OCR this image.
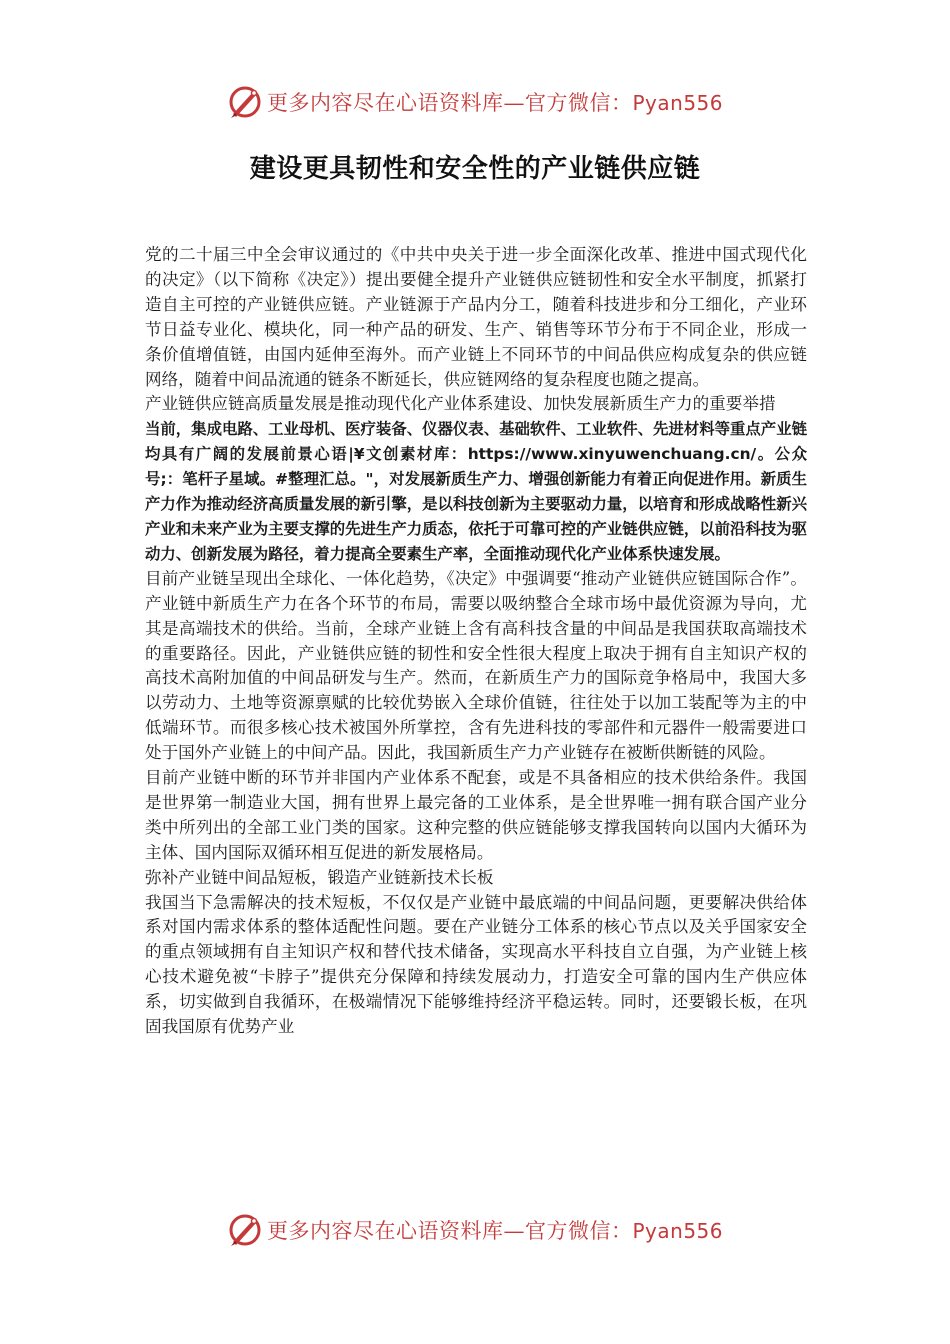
更多内容尽在心语资料库—官方微信：Pyan556
建设更具韧性和安全性的产业链供应链

党的二十届三中全会审议通过的《中共中央关于进一步全面深化改革、推进中国式现代化的决定》（以下简称《决定》）提出要健全提升产业链供应链韧性和安全水平制度，抓紧打造自主可控的产业链供应链。产业链源于产品内分工，随着科技进步和分工细化，产业环节日益专业化、模块化，同一种产品的研发、生产、销售等环节分布于不同企业，形成一条价值增值链，由国内延伸至海外。而产业链上不同环节的中间品供应构成复杂的供应链网络，随着中间品流通的链条不断延长，供应链网络的复杂程度也随之提高。

产业链供应链高质量发展是推动现代化产业体系建设、加快发展新质生产力的重要举措

当前，集成电路、工业母机、医疗装备、仪器仪表、基础软件、工业软件、先进材料等重点产业链均具有广阔的发展前景心语|¥文创素材库：https://www.xinyuwenchuang.cn/。公众号;：笔杆子星域。#整理汇总。"，对发展新质生产力、增强创新能力有着正向促进作用。新质生产力作为推动经济高质量发展的新引擎，是以科技创新为主要驱动力量，以培育和形成战略性新兴产业和未来产业为主要支撑的先进生产力质态，依托于可靠可控的产业链供应链，以前沿科技为驱动力、创新发展为路径，着力提高全要素生产率，全面推动现代化产业体系快速发展。

目前产业链呈现出全球化、一体化趋势，《决定》中强调要“推动产业链供应链国际合作”。产业链中新质生产力在各个环节的布局，需要以吸纳整合全球市场中最优资源为导向，尤其是高端技术的供给。当前，全球产业链上含有高科技含量的中间品是我国获取高端技术的重要路径。因此，产业链供应链的韧性和安全性很大程度上取决于拥有自主知识产权的高技术高附加值的中间品研发与生产。然而，在新质生产力的国际竞争格局中，我国大多以劳动力、土地等资源禀赋的比较优势嵌入全球价值链，往往处于以加工装配等为主的中低端环节。而很多核心技术被国外所掌控，含有先进科技的零部件和元器件一般需要进口处于国外产业链上的中间产品。因此，我国新质生产力产业链存在被断供断链的风险。

目前产业链中断的环节并非国内产业体系不配套，或是不具备相应的技术供给条件。我国是世界第一制造业大国，拥有世界上最完备的工业体系，是全世界唯一拥有联合国产业分类中所列出的全部工业门类的国家。这种完整的供应链能够支撑我国转向以国内大循环为主体、国内国际双循环相互促进的新发展格局。

弥补产业链中间品短板，锻造产业链新技术长板

我国当下急需解决的技术短板，不仅仅是产业链中最底端的中间品问题，更要解决供给体系对国内需求体系的整体适配性问题。要在产业链分工体系的核心节点以及关乎国家安全的重点领域拥有自主知识产权和替代技术储备，实现高水平科技自立自强，为产业链上核心技术避免被“卡脖子”提供充分保障和持续发展动力，打造安全可靠的国内生产供应体系，切实做到自我循环，在极端情况下能够维持经济平稳运转。同时，还要锻长板，在巩固我国原有优势产业

更多内容尽在心语资料库—官方微信：Pyan556
